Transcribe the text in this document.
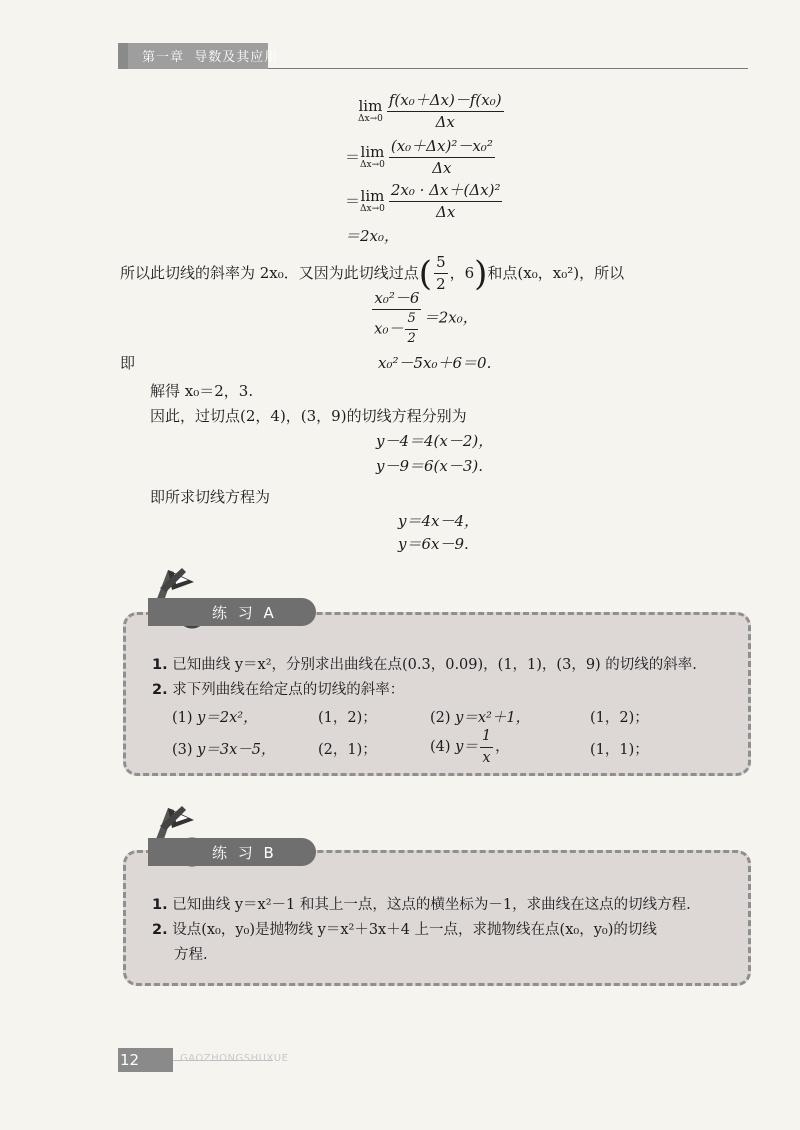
第一章 导数及其应用
lim
$\Delta x\to 0 \frac{\text{f(x₀＋Δx)－f(x₀)}}{\Delta x}$
＝ lim
$\Delta x\to 0 \frac{\text{(x₀＋Δx)²－x₀²}}{\Delta x}$
＝ lim
$\Delta x\to 0 \frac{\text{2x₀ · Δx＋(Δx)²}}{\Delta x}$
＝2x₀，
所以此切线的斜率为 2x₀．又因为此切线过点( $\frac{5}{2}$ ，6)和点(x₀，x₀²)，所以
$\frac{\text{x₀²－6}}{x_0- \frac{5}{2}} =2x_0$，
即	x₀²－5x₀＋6＝0.
解得 x₀＝2，3.
因此，过切点(2，4)，(3，9)的切线方程分别为
y－4＝4(x－2)，
y－9＝6(x－3).
即所求切线方程为
y＝4x－4，
y＝6x－9.
练 习 A
1. 已知曲线 y＝x²，分别求出曲线在点(0.3，0.09)，(1，1)，(3，9) 的切线的斜率.
2. 求下列曲线在给定点的切线的斜率：
(1) y＝2x²，	(1，2)；	(2) y＝x²＋1，	(1，2)；
(3) y＝3x－5，	(2，1)；	(4) $y= \frac{1}{x}$ ，	(1，1)；
练 习 B
1. 已知曲线 y＝x²－1 和其上一点，这点的横坐标为－1，求曲线在这点的切线方程.
2. 设点(x₀，y₀)是抛物线 y＝x²＋3x＋4 上一点，求抛物线在点(x₀，y₀)的切线
方程.
12	GAOZHONGSHUXUE
